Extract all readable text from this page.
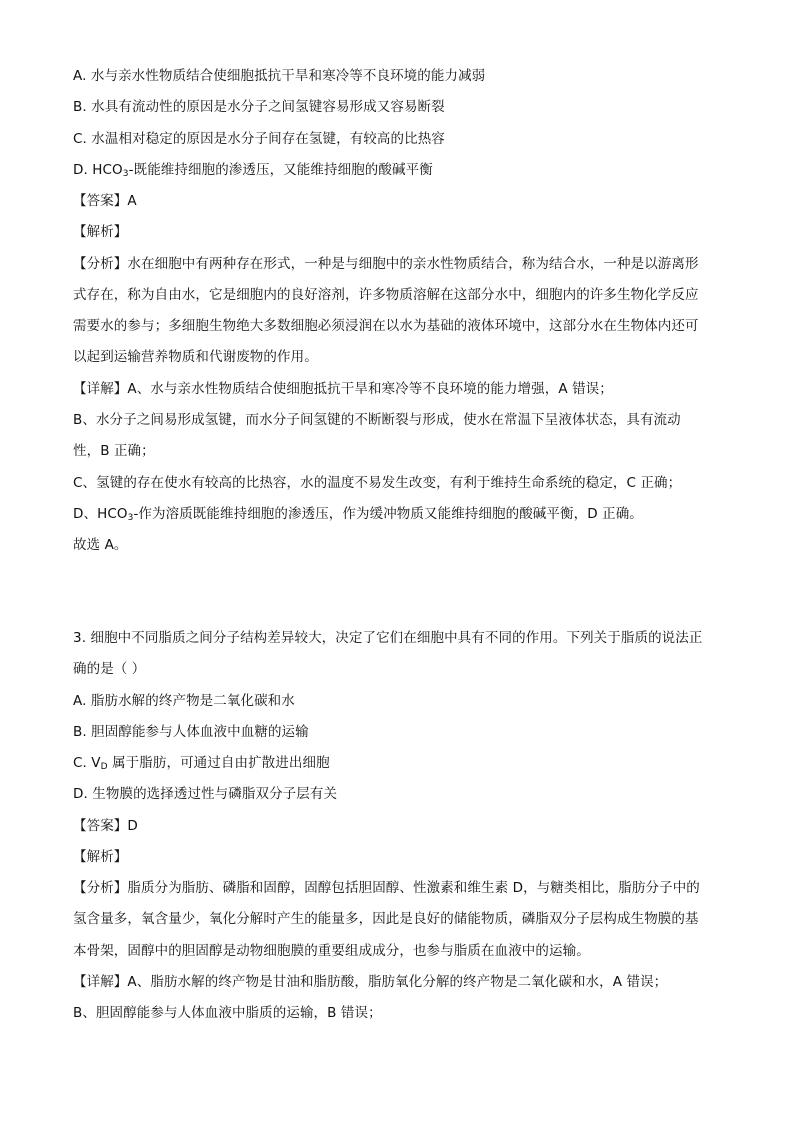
A. 水与亲水性物质结合使细胞抵抗干旱和寒冷等不良环境的能力减弱
B. 水具有流动性的原因是水分子之间氢键容易形成又容易断裂
C. 水温相对稳定的原因是水分子间存在氢键，有较高的比热容
D. $HCO_3-$既能维持细胞的渗透压，又能维持细胞的酸碱平衡
【答案】A
【解析】
【分析】水在细胞中有两种存在形式，一种是与细胞中的亲水性物质结合，称为结合水，一种是以游离形
式存在，称为自由水，它是细胞内的良好溶剂，许多物质溶解在这部分水中，细胞内的许多生物化学反应
需要水的参与；多细胞生物绝大多数细胞必须浸润在以水为基础的液体环境中，这部分水在生物体内还可
以起到运输营养物质和代谢废物的作用。
【详解】A、水与亲水性物质结合使细胞抵抗干旱和寒冷等不良环境的能力增强，A 错误；
B、水分子之间易形成氢键，而水分子间氢键的不断断裂与形成，使水在常温下呈液体状态，具有流动
性，B 正确；
C、氢键的存在使水有较高的比热容，水的温度不易发生改变，有利于维持生命系统的稳定，C 正确；
D、$HCO_3-$作为溶质既能维持细胞的渗透压，作为缓冲物质又能维持细胞的酸碱平衡，D 正确。
故选 A。
3. 细胞中不同脂质之间分子结构差异较大，决定了它们在细胞中具有不同的作用。下列关于脂质的说法正
确的是（ ）
A. 脂肪水解的终产物是二氧化碳和水
B. 胆固醇能参与人体血液中血糖的运输
C. $V_D$ 属于脂肪，可通过自由扩散进出细胞
D. 生物膜的选择透过性与磷脂双分子层有关
【答案】D
【解析】
【分析】脂质分为脂肪、磷脂和固醇，固醇包括胆固醇、性激素和维生素 D，与糖类相比，脂肪分子中的
氢含量多，氧含量少，氧化分解时产生的能量多，因此是良好的储能物质，磷脂双分子层构成生物膜的基
本骨架，固醇中的胆固醇是动物细胞膜的重要组成成分，也参与脂质在血液中的运输。
【详解】A、脂肪水解的终产物是甘油和脂肪酸，脂肪氧化分解的终产物是二氧化碳和水，A 错误；
B、胆固醇能参与人体血液中脂质的运输，B 错误；
